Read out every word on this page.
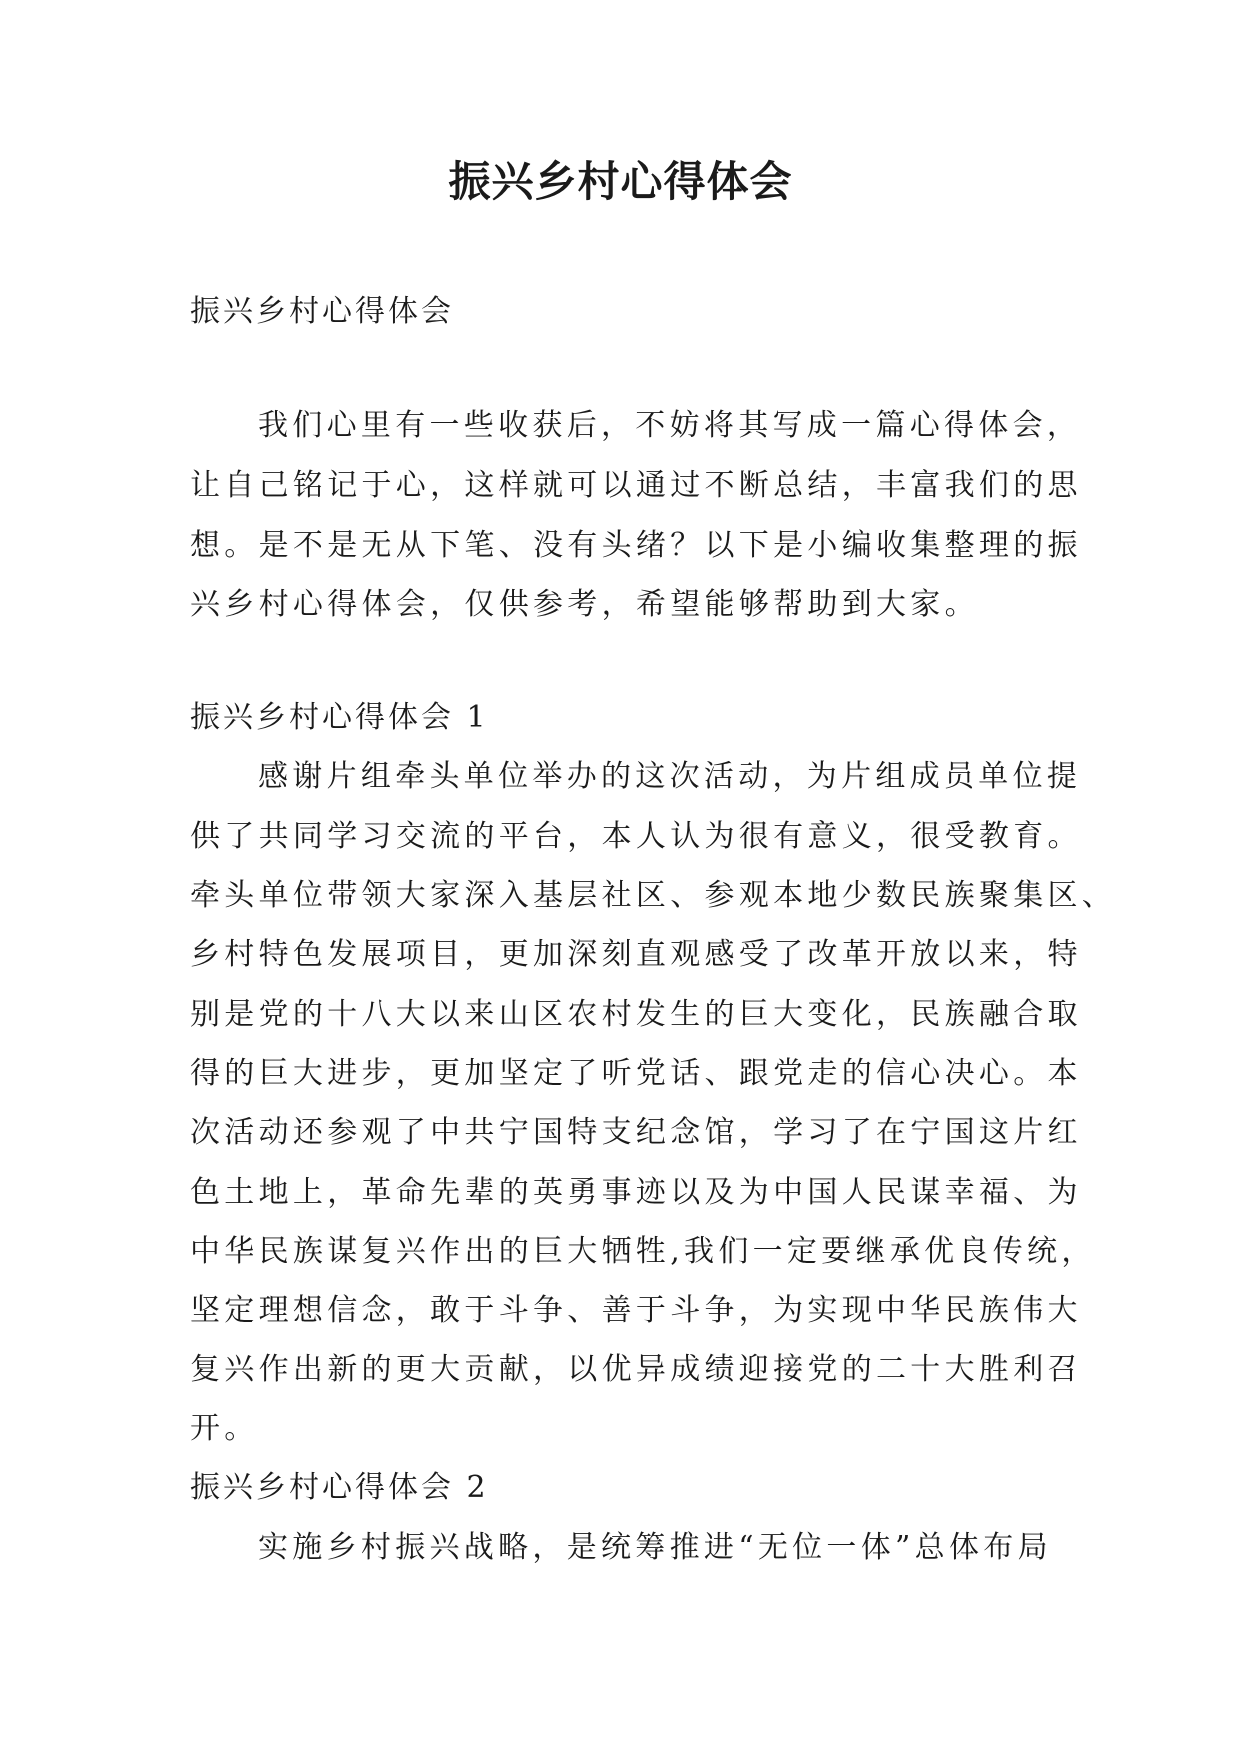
振兴乡村心得体会
振兴乡村心得体会
我们心里有一些收获后，不妨将其写成一篇心得体会，
让自己铭记于心，这样就可以通过不断总结，丰富我们的思
想。是不是无从下笔、没有头绪？以下是小编收集整理的振
兴乡村心得体会，仅供参考，希望能够帮助到大家。
振兴乡村心得体会 1
感谢片组牵头单位举办的这次活动，为片组成员单位提
供了共同学习交流的平台，本人认为很有意义，很受教育。
牵头单位带领大家深入基层社区、参观本地少数民族聚集区、
乡村特色发展项目，更加深刻直观感受了改革开放以来，特
别是党的十八大以来山区农村发生的巨大变化，民族融合取
得的巨大进步，更加坚定了听党话、跟党走的信心决心。本
次活动还参观了中共宁国特支纪念馆，学习了在宁国这片红
色土地上，革命先辈的英勇事迹以及为中国人民谋幸福、为
中华民族谋复兴作出的巨大牺牲,我们一定要继承优良传统，
坚定理想信念，敢于斗争、善于斗争，为实现中华民族伟大
复兴作出新的更大贡献，以优异成绩迎接党的二十大胜利召
开。
振兴乡村心得体会 2
实施乡村振兴战略，是统筹推进“无位一体”总体布局
